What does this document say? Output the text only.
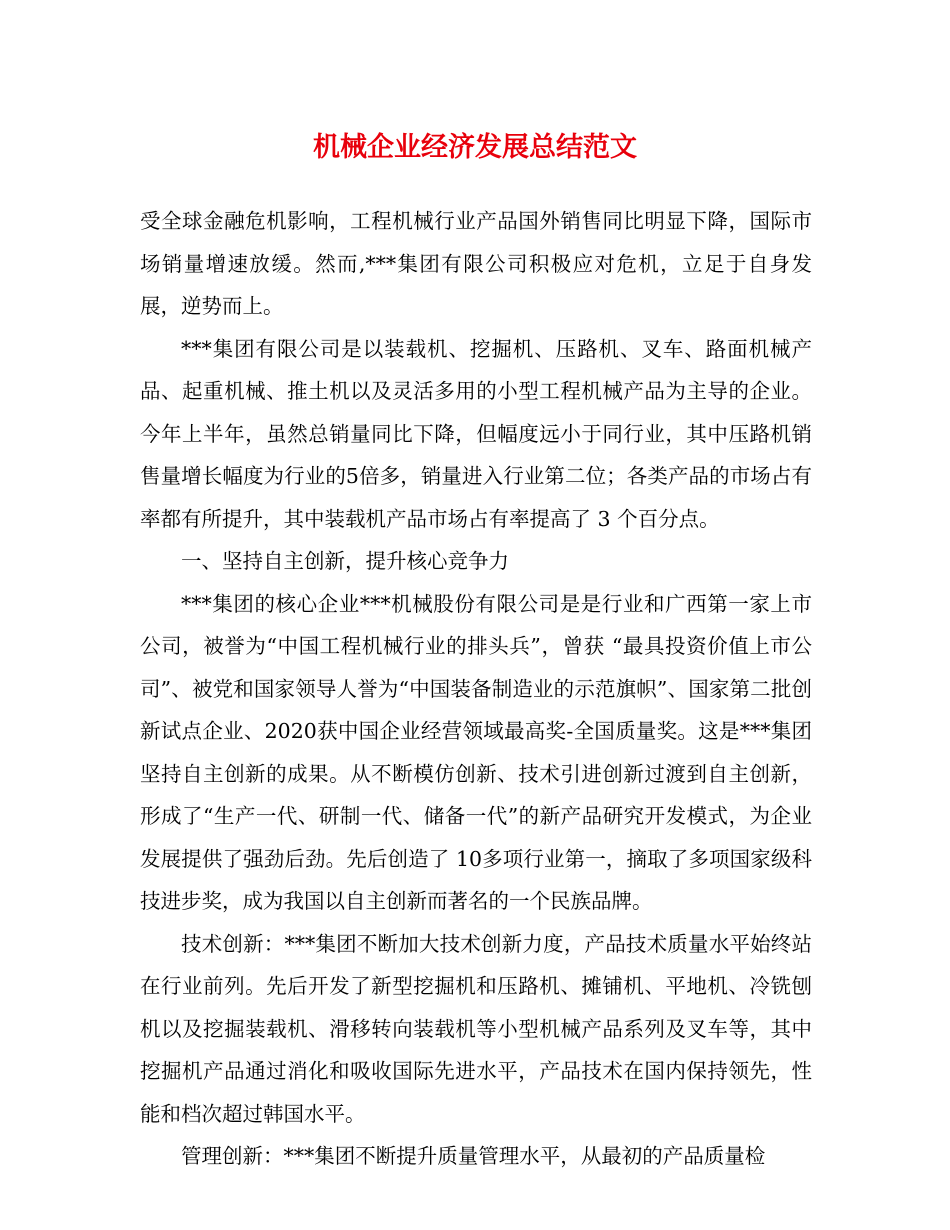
机械企业经济发展总结范文

受全球金融危机影响，工程机械行业产品国外销售同比明显下降，国际市场销量增速放缓。然而,***集团有限公司积极应对危机，立足于自身发展，逆势而上。

***集团有限公司是以装载机、挖掘机、压路机、叉车、路面机械产品、起重机械、推土机以及灵活多用的小型工程机械产品为主导的企业。今年上半年，虽然总销量同比下降，但幅度远小于同行业，其中压路机销售量增长幅度为行业的5倍多，销量进入行业第二位；各类产品的市场占有率都有所提升，其中装载机产品市场占有率提高了 3 个百分点。

一、坚持自主创新，提升核心竞争力

***集团的核心企业***机械股份有限公司是是行业和广西第一家上市公司，被誉为“中国工程机械行业的排头兵”，曾获 “最具投资价值上市公司”、被党和国家领导人誉为“中国装备制造业的示范旗帜”、国家第二批创新试点企业、2020获中国企业经营领域最高奖-全国质量奖。这是***集团坚持自主创新的成果。从不断模仿创新、技术引进创新过渡到自主创新，形成了“生产一代、研制一代、储备一代”的新产品研究开发模式，为企业发展提供了强劲后劲。先后创造了 10多项行业第一，摘取了多项国家级科技进步奖，成为我国以自主创新而著名的一个民族品牌。

技术创新：***集团不断加大技术创新力度，产品技术质量水平始终站在行业前列。先后开发了新型挖掘机和压路机、摊铺机、平地机、冷铣刨机以及挖掘装载机、滑移转向装载机等小型机械产品系列及叉车等，其中挖掘机产品通过消化和吸收国际先进水平，产品技术在国内保持领先，性能和档次超过韩国水平。

管理创新：***集团不断提升质量管理水平，从最初的产品质量检
